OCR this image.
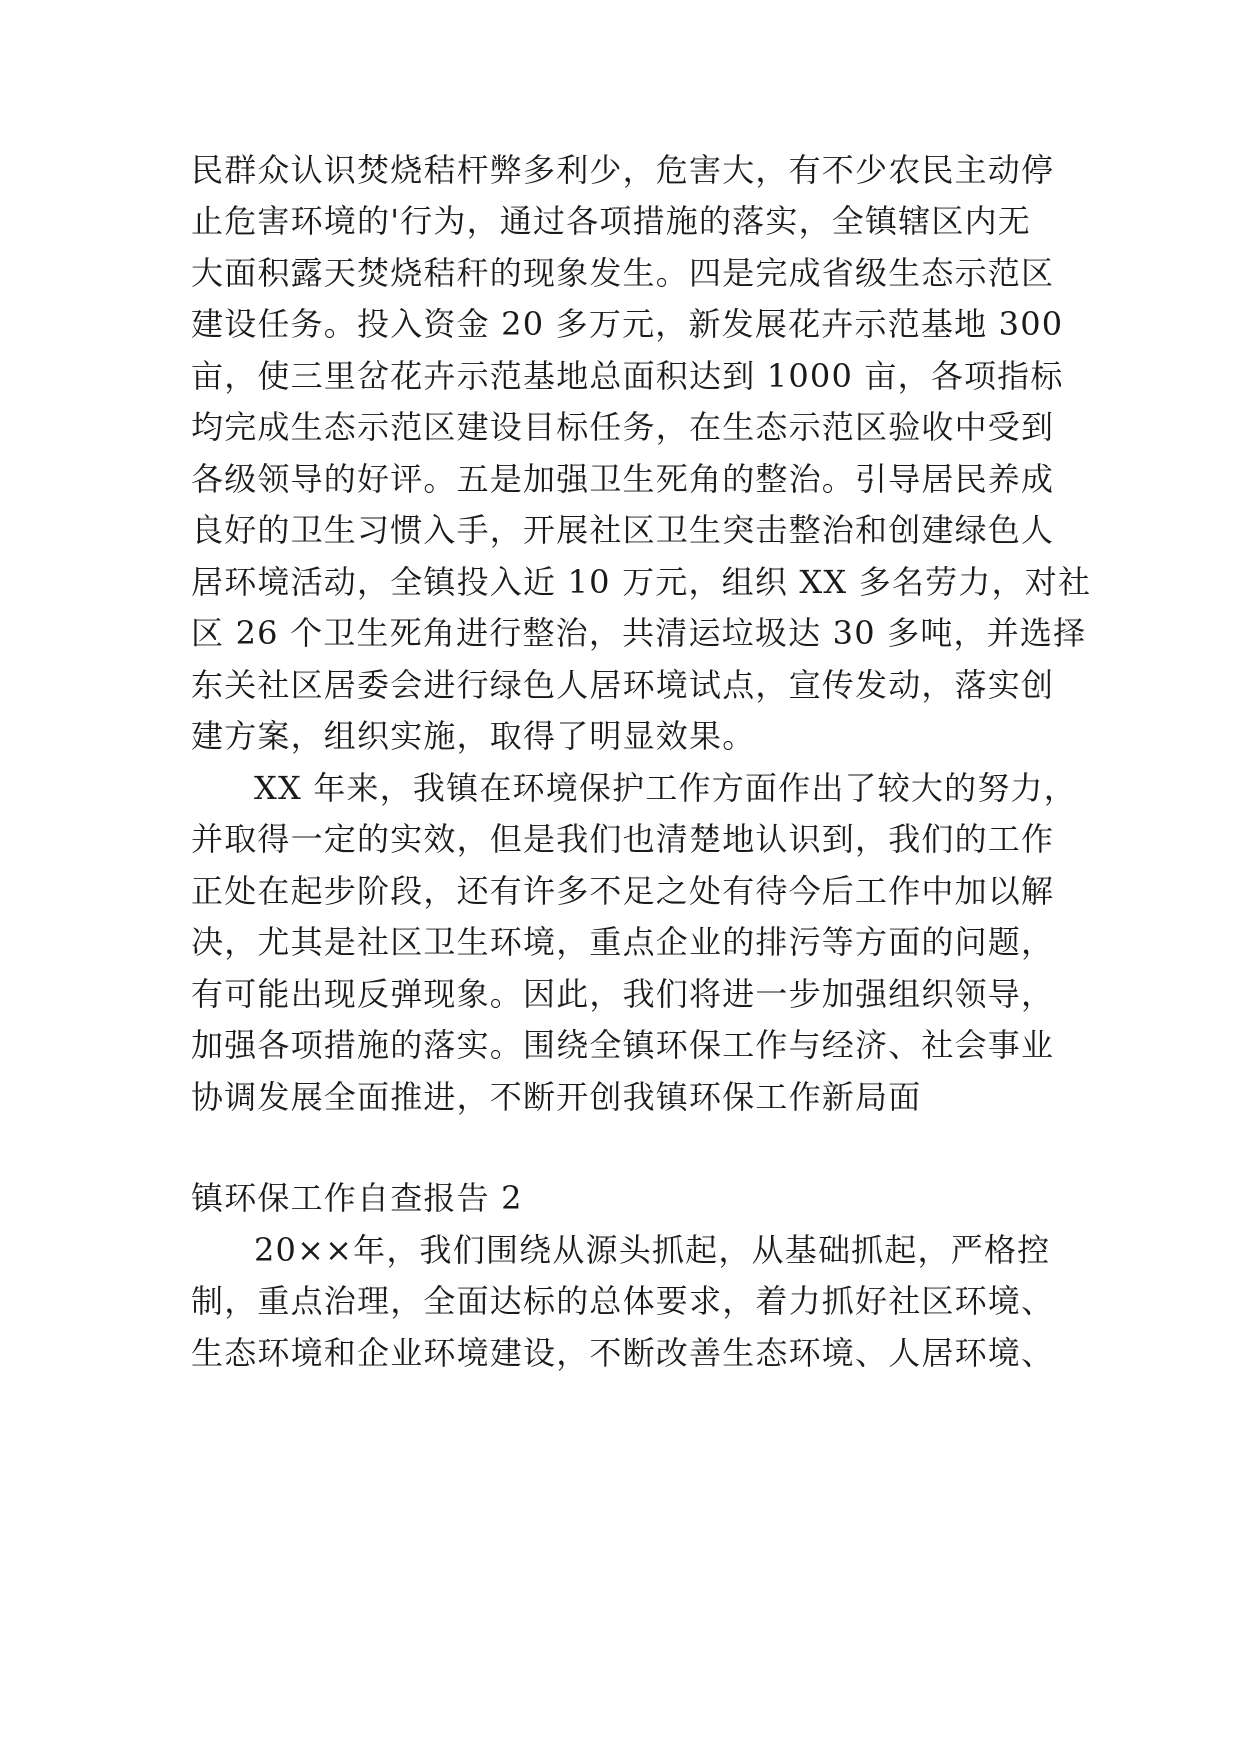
民群众认识焚烧秸杆弊多利少，危害大，有不少农民主动停
止危害环境的'行为，通过各项措施的落实，全镇辖区内无
大面积露天焚烧秸秆的现象发生。四是完成省级生态示范区
建设任务。投入资金 20 多万元，新发展花卉示范基地 300
亩，使三里岔花卉示范基地总面积达到 1000 亩，各项指标
均完成生态示范区建设目标任务，在生态示范区验收中受到
各级领导的好评。五是加强卫生死角的整治。引导居民养成
良好的卫生习惯入手，开展社区卫生突击整治和创建绿色人
居环境活动，全镇投入近 10 万元，组织 XX 多名劳力，对社
区 26 个卫生死角进行整治，共清运垃圾达 30 多吨，并选择
东关社区居委会进行绿色人居环境试点，宣传发动，落实创
建方案，组织实施，取得了明显效果。
XX 年来，我镇在环境保护工作方面作出了较大的努力，
并取得一定的实效，但是我们也清楚地认识到，我们的工作
正处在起步阶段，还有许多不足之处有待今后工作中加以解
决，尤其是社区卫生环境，重点企业的排污等方面的问题，
有可能出现反弹现象。因此，我们将进一步加强组织领导，
加强各项措施的落实。围绕全镇环保工作与经济、社会事业
协调发展全面推进，不断开创我镇环保工作新局面
镇环保工作自查报告 2
20××年，我们围绕从源头抓起，从基础抓起，严格控
制，重点治理，全面达标的总体要求，着力抓好社区环境、
生态环境和企业环境建设，不断改善生态环境、人居环境、
